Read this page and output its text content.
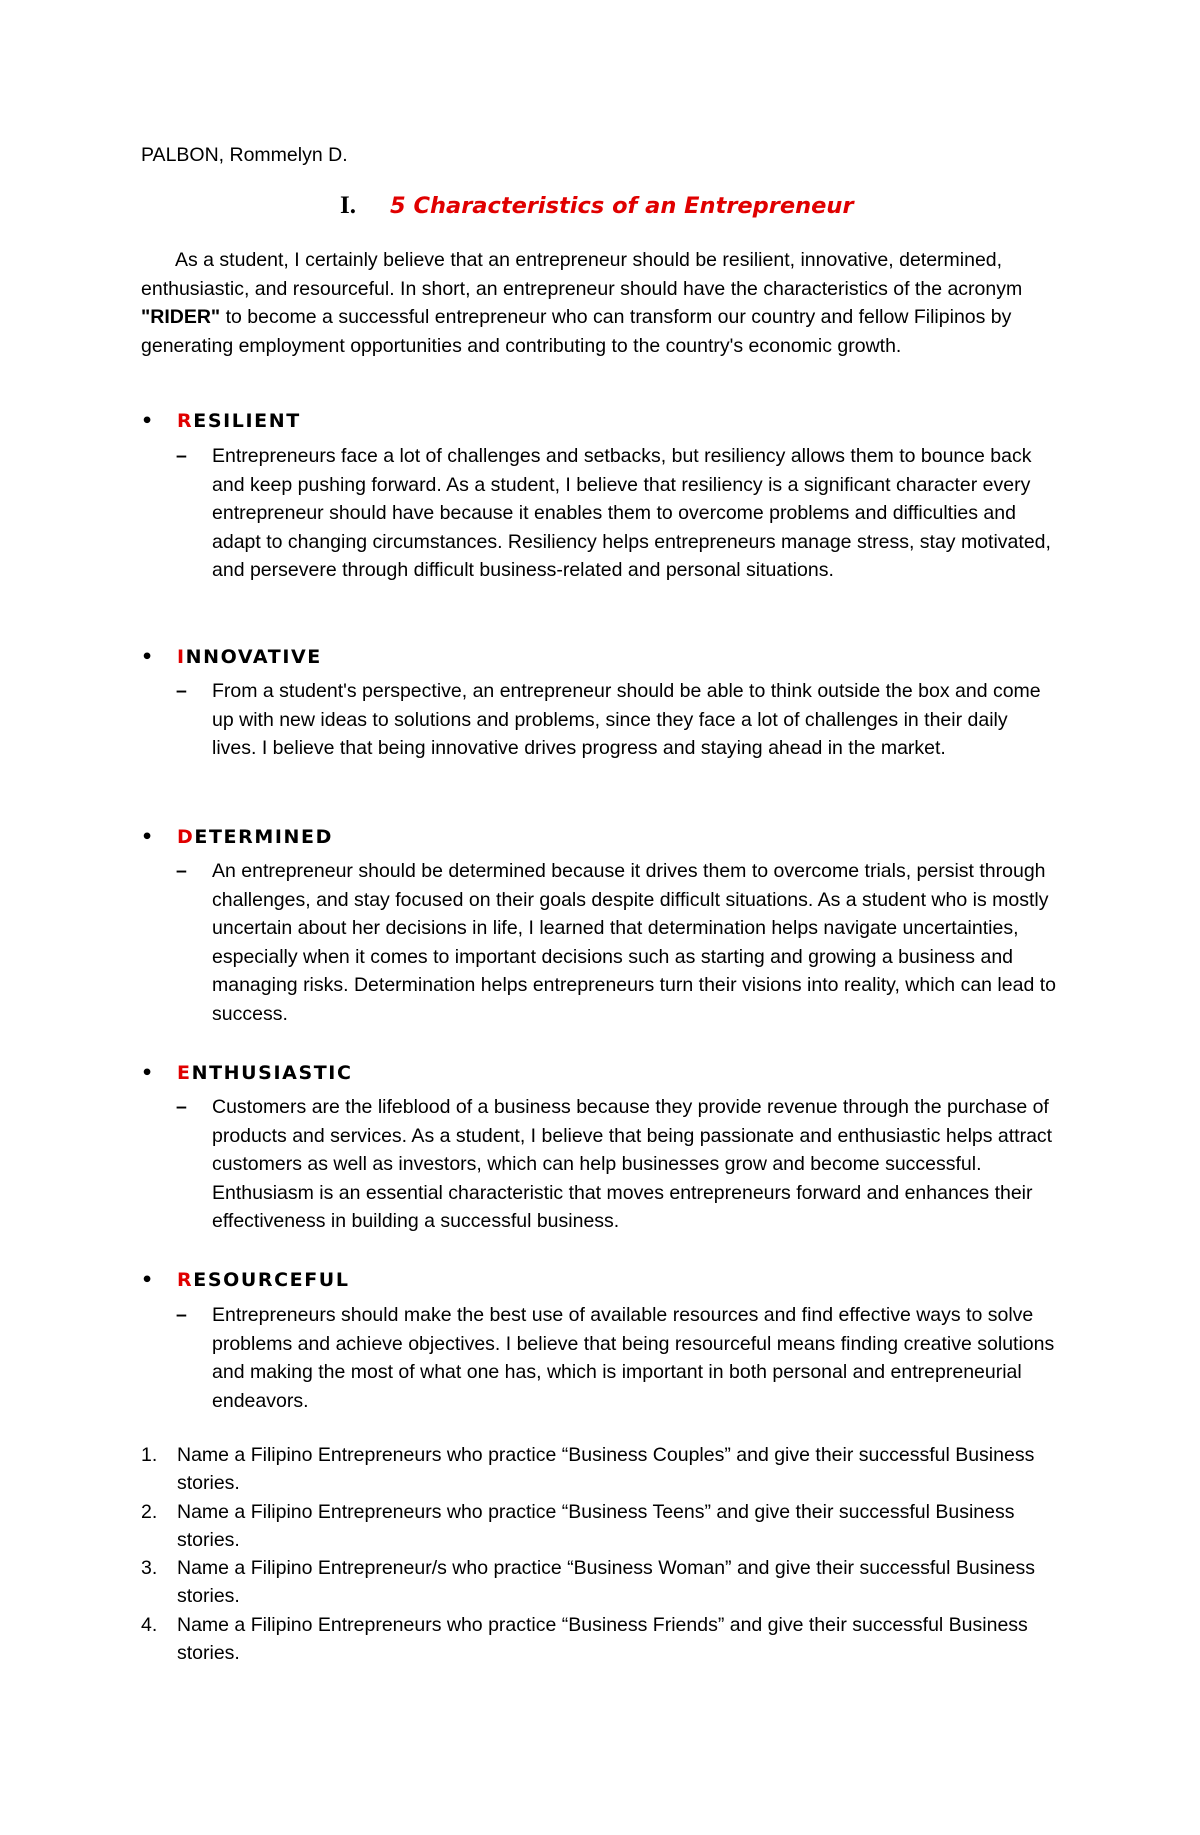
PALBON, Rommelyn D.
I. 5 Characteristics of an Entrepreneur

As a student, I certainly believe that an entrepreneur should be resilient, innovative, determined, enthusiastic, and resourceful. In short, an entrepreneur should have the characteristics of the acronym "RIDER" to become a successful entrepreneur who can transform our country and fellow Filipinos by generating employment opportunities and contributing to the country's economic growth.

• RESILIENT
– Entrepreneurs face a lot of challenges and setbacks, but resiliency allows them to bounce back and keep pushing forward. As a student, I believe that resiliency is a significant character every entrepreneur should have because it enables them to overcome problems and difficulties and adapt to changing circumstances. Resiliency helps entrepreneurs manage stress, stay motivated, and persevere through difficult business-related and personal situations.
• INNOVATIVE
– From a student's perspective, an entrepreneur should be able to think outside the box and come up with new ideas to solutions and problems, since they face a lot of challenges in their daily lives. I believe that being innovative drives progress and staying ahead in the market.
• DETERMINED
– An entrepreneur should be determined because it drives them to overcome trials, persist through challenges, and stay focused on their goals despite difficult situations. As a student who is mostly uncertain about her decisions in life, I learned that determination helps navigate uncertainties, especially when it comes to important decisions such as starting and growing a business and managing risks. Determination helps entrepreneurs turn their visions into reality, which can lead to success.
• ENTHUSIASTIC
– Customers are the lifeblood of a business because they provide revenue through the purchase of products and services. As a student, I believe that being passionate and enthusiastic helps attract customers as well as investors, which can help businesses grow and become successful. Enthusiasm is an essential characteristic that moves entrepreneurs forward and enhances their effectiveness in building a successful business.
• RESOURCEFUL
– Entrepreneurs should make the best use of available resources and find effective ways to solve problems and achieve objectives. I believe that being resourceful means finding creative solutions and making the most of what one has, which is important in both personal and entrepreneurial endeavors.
1. Name a Filipino Entrepreneurs who practice “Business Couples” and give their successful Business stories.
2. Name a Filipino Entrepreneurs who practice “Business Teens” and give their successful Business stories.
3. Name a Filipino Entrepreneur/s who practice “Business Woman” and give their successful Business stories.
4. Name a Filipino Entrepreneurs who practice “Business Friends” and give their successful Business stories.
